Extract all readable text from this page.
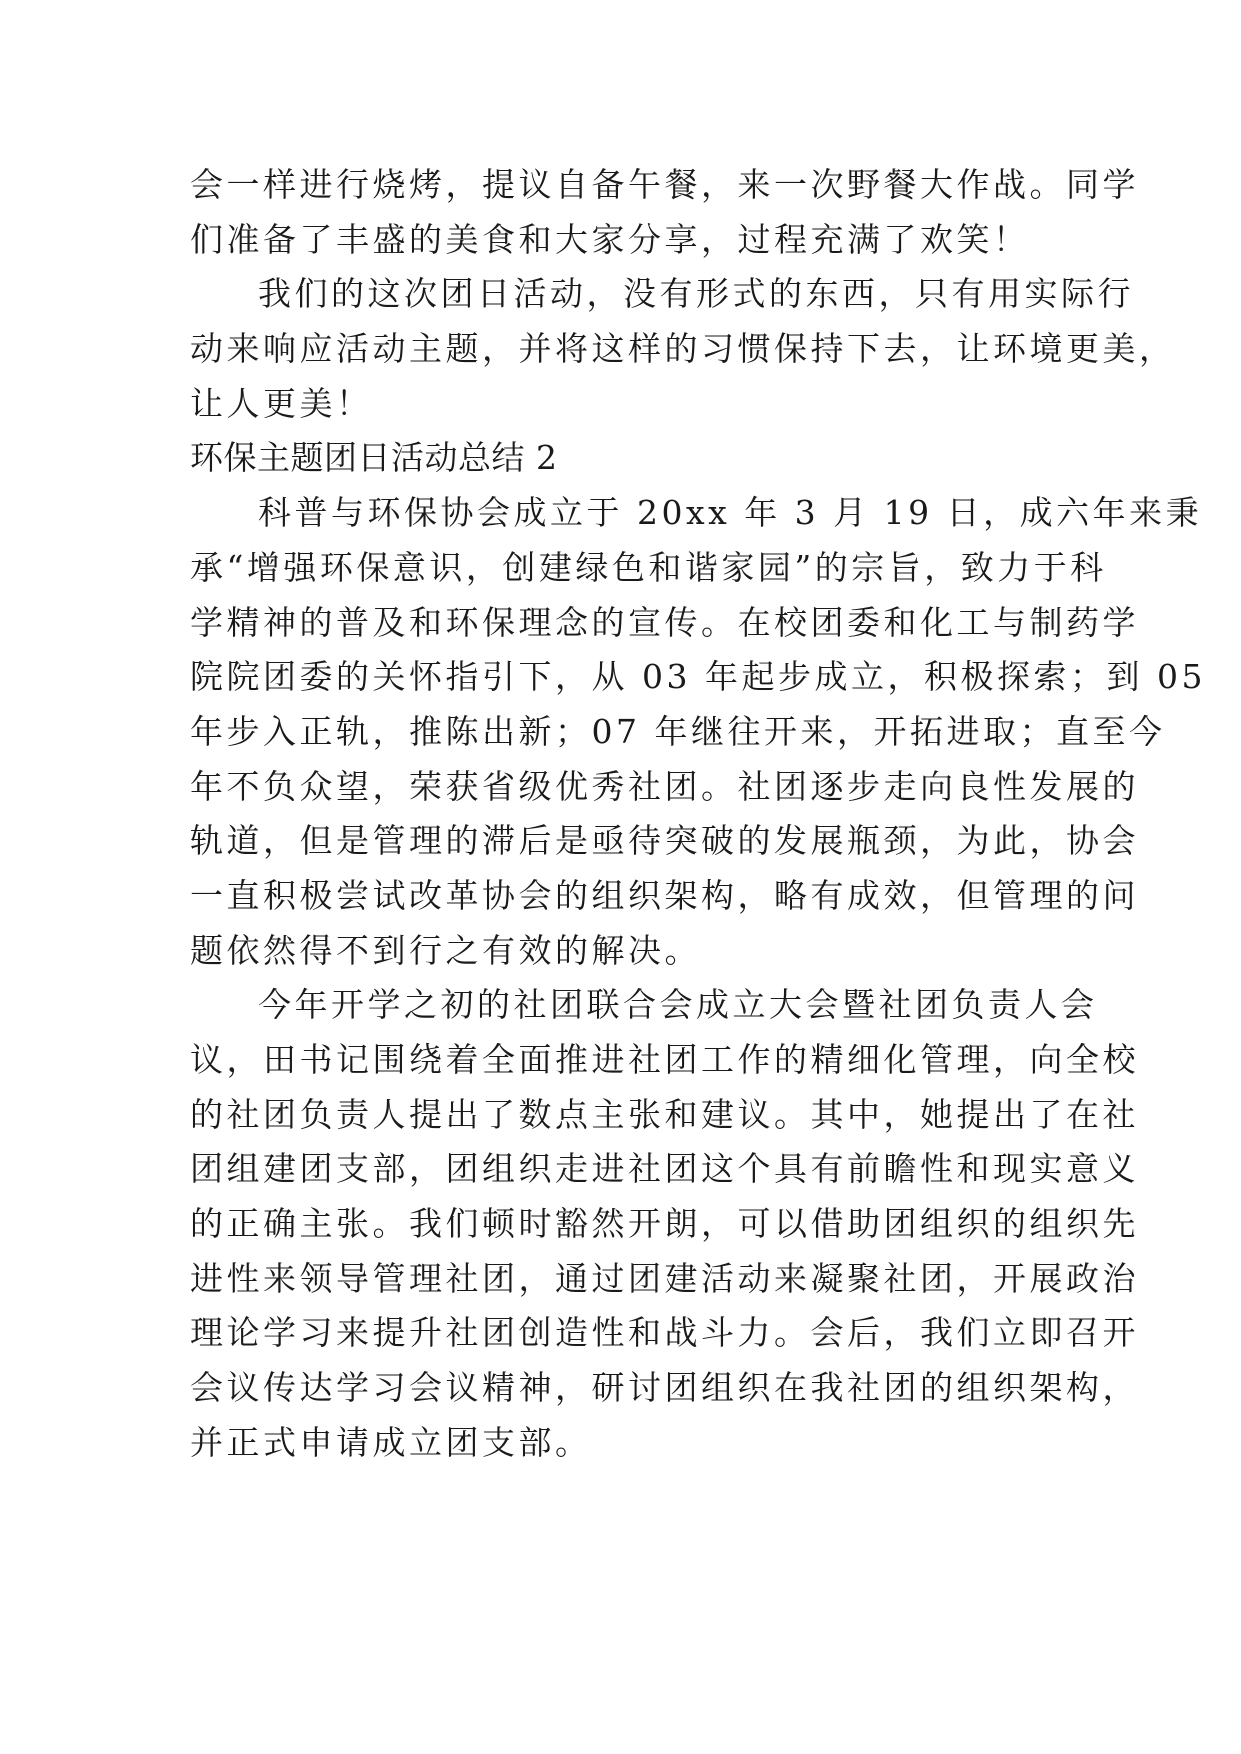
会一样进行烧烤，提议自备午餐，来一次野餐大作战。同学
们准备了丰盛的美食和大家分享，过程充满了欢笑！
我们的这次团日活动，没有形式的东西，只有用实际行
动来响应活动主题，并将这样的习惯保持下去，让环境更美，
让人更美！
环保主题团日活动总结 2
科普与环保协会成立于 20xx 年 3 月 19 日，成六年来秉
承“增强环保意识，创建绿色和谐家园”的宗旨，致力于科
学精神的普及和环保理念的宣传。在校团委和化工与制药学
院院团委的关怀指引下，从 03 年起步成立，积极探索；到 05
年步入正轨，推陈出新；07 年继往开来，开拓进取；直至今
年不负众望，荣获省级优秀社团。社团逐步走向良性发展的
轨道，但是管理的滞后是亟待突破的发展瓶颈，为此，协会
一直积极尝试改革协会的组织架构，略有成效，但管理的问
题依然得不到行之有效的解决。
今年开学之初的社团联合会成立大会暨社团负责人会
议，田书记围绕着全面推进社团工作的精细化管理，向全校
的社团负责人提出了数点主张和建议。其中，她提出了在社
团组建团支部，团组织走进社团这个具有前瞻性和现实意义
的正确主张。我们顿时豁然开朗，可以借助团组织的组织先
进性来领导管理社团，通过团建活动来凝聚社团，开展政治
理论学习来提升社团创造性和战斗力。会后，我们立即召开
会议传达学习会议精神，研讨团组织在我社团的组织架构，
并正式申请成立团支部。
